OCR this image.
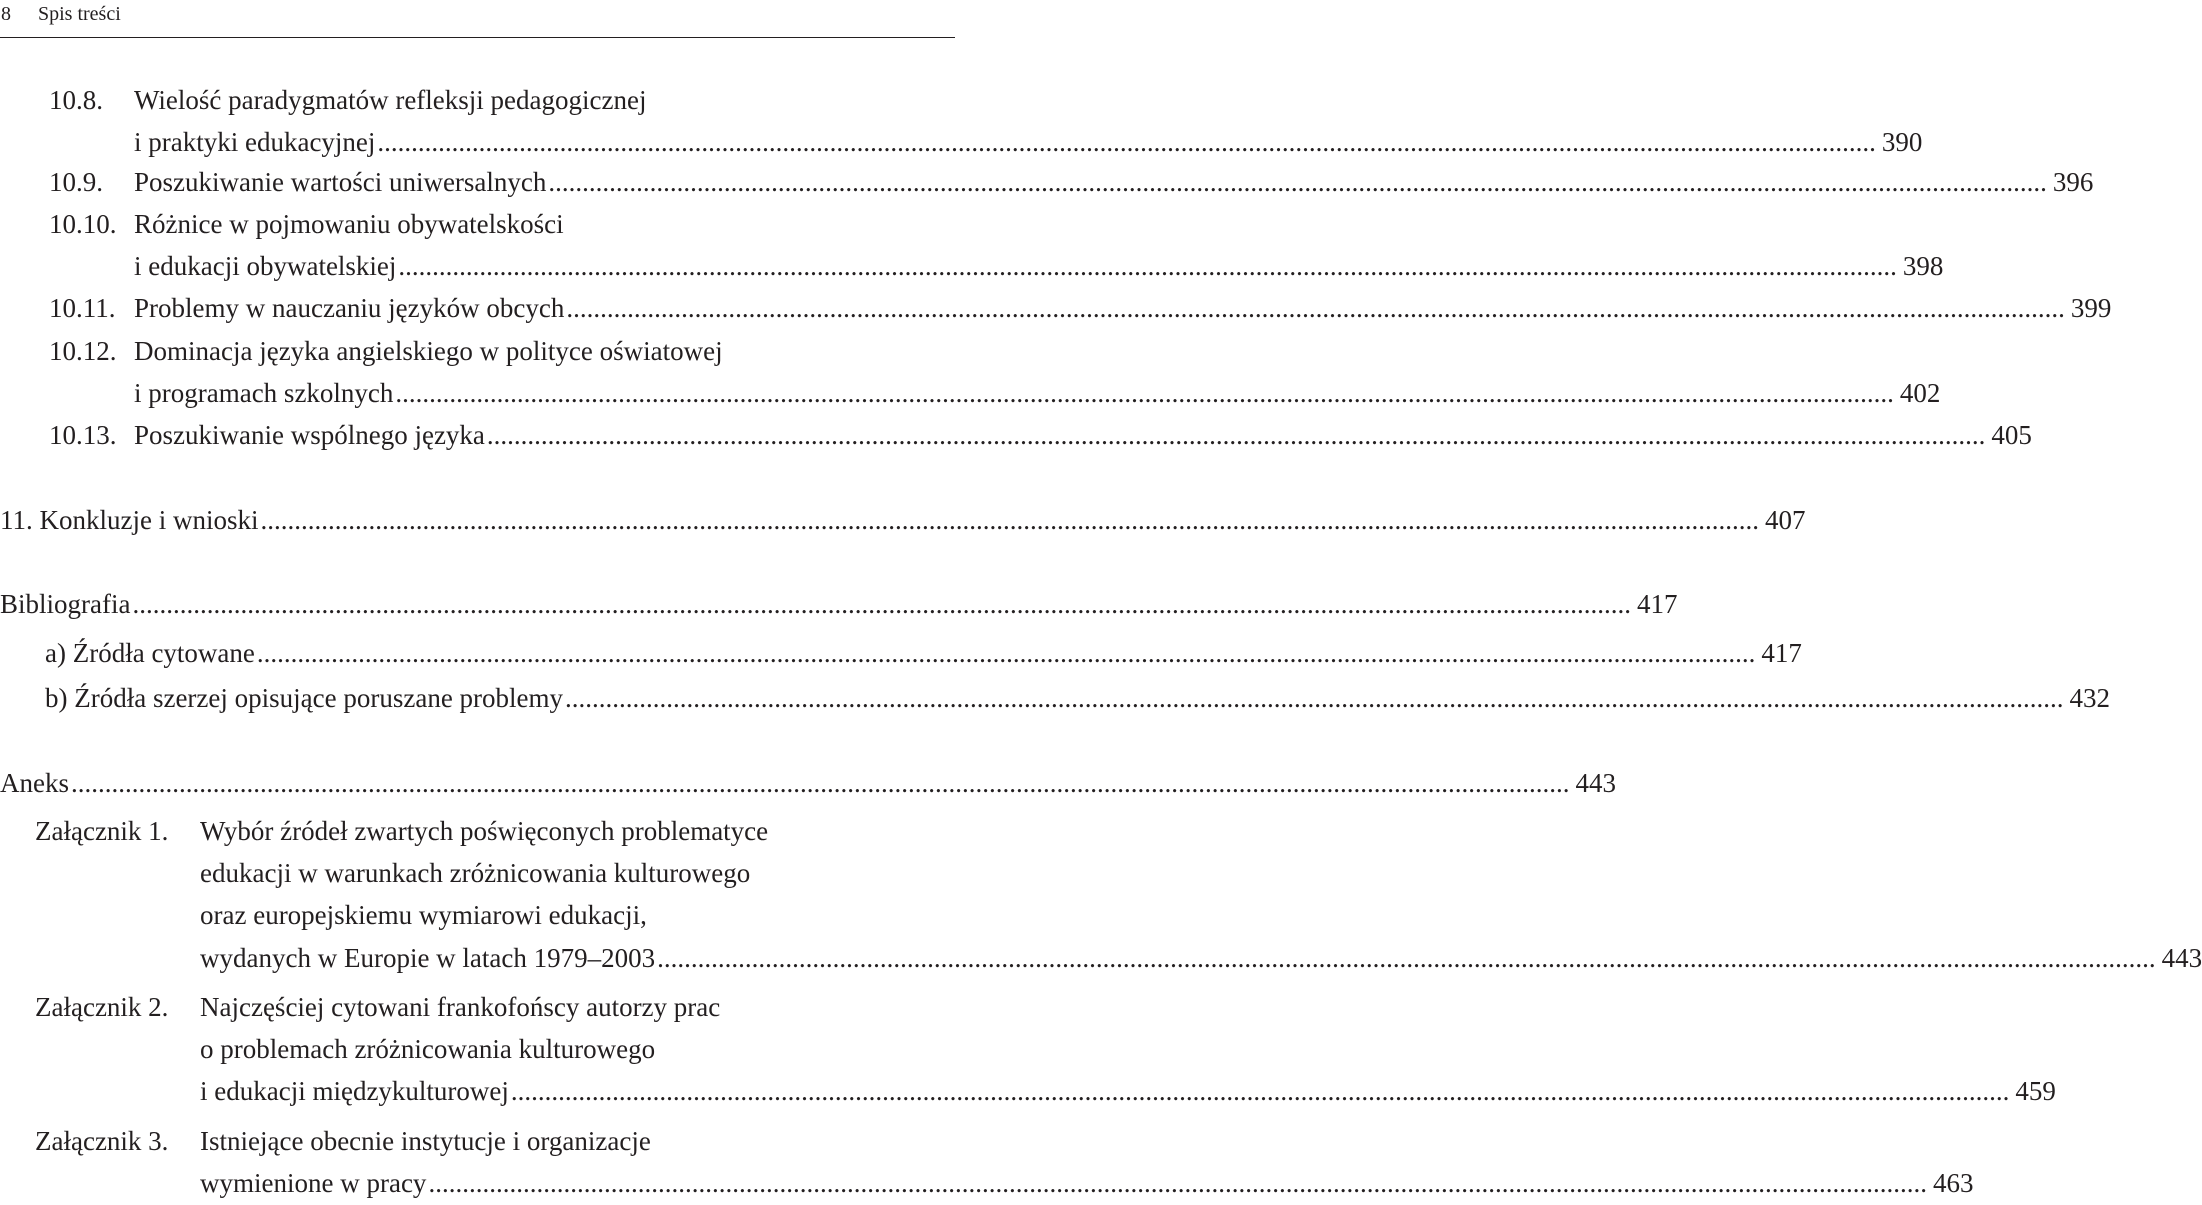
8 Spis treści
10.8. Wielość paradygmatów refleksji pedagogicznej
i praktyki edukacyjnej .............................................................................................................................................................................................................................. 390
10.9. Poszukiwanie wartości uniwersalnych .............................................................................................................................................................................................................................. 396
10.10. Różnice w pojmowaniu obywatelskości
i edukacji obywatelskiej .............................................................................................................................................................................................................................. 398
10.11. Problemy w nauczaniu języków obcych .............................................................................................................................................................................................................................. 399
10.12. Dominacja języka angielskiego w polityce oświatowej
i programach szkolnych .............................................................................................................................................................................................................................. 402
10.13. Poszukiwanie wspólnego języka .............................................................................................................................................................................................................................. 405
11. Konkluzje i wnioski .............................................................................................................................................................................................................................. 407
Bibliografia .............................................................................................................................................................................................................................. 417
a) Źródła cytowane .............................................................................................................................................................................................................................. 417
b) Źródła szerzej opisujące poruszane problemy .............................................................................................................................................................................................................................. 432
Aneks .............................................................................................................................................................................................................................. 443
Załącznik 1. Wybór źródeł zwartych poświęconych problematyce
edukacji w warunkach zróżnicowania kulturowego
oraz europejskiemu wymiarowi edukacji,
wydanych w Europie w latach 1979–2003 .............................................................................................................................................................................................................................. 443
Załącznik 2. Najczęściej cytowani frankofońscy autorzy prac
o problemach zróżnicowania kulturowego
i edukacji międzykulturowej .............................................................................................................................................................................................................................. 459
Załącznik 3. Istniejące obecnie instytucje i organizacje
wymienione w pracy .............................................................................................................................................................................................................................. 463
